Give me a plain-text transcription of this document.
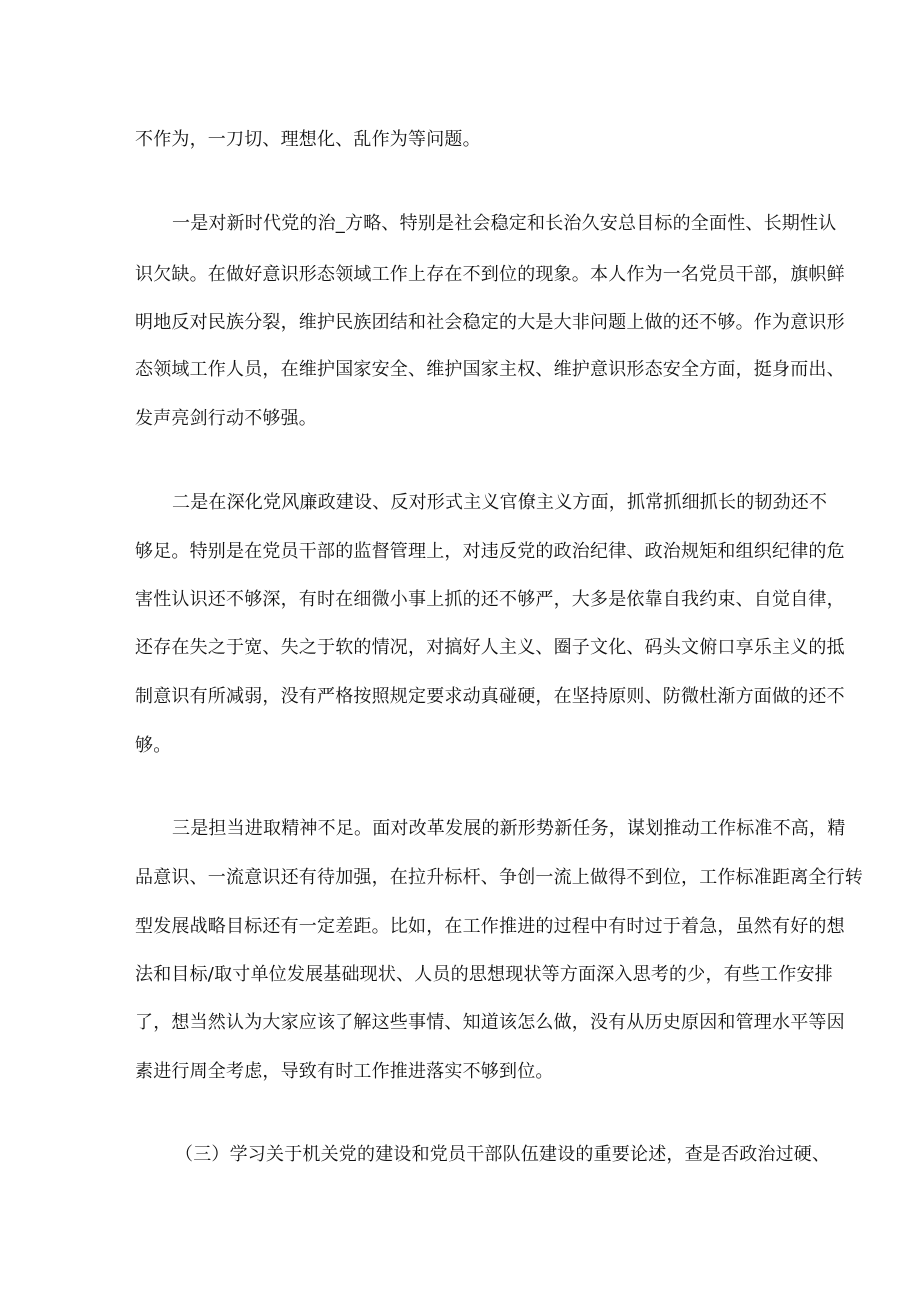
不作为，一刀切、理想化、乱作为等问题。
一是对新时代党的治_方略、特别是社会稳定和长治久安总目标的全面性、长期性认
识欠缺。在做好意识形态领域工作上存在不到位的现象。本人作为一名党员干部，旗帜鲜
明地反对民族分裂，维护民族团结和社会稳定的大是大非问题上做的还不够。作为意识形
态领域工作人员，在维护国家安全、维护国家主权、维护意识形态安全方面，挺身而出、
发声亮剑行动不够强。
二是在深化党风廉政建设、反对形式主义官僚主义方面，抓常抓细抓长的韧劲还不
够足。特别是在党员干部的监督管理上，对违反党的政治纪律、政治规矩和组织纪律的危
害性认识还不够深，有时在细微小事上抓的还不够严，大多是依靠自我约束、自觉自律，
还存在失之于宽、失之于软的情况，对搞好人主义、圈子文化、码头文俯口享乐主义的抵
制意识有所减弱，没有严格按照规定要求动真碰硬，在坚持原则、防微杜渐方面做的还不
够。
三是担当进取精神不足。面对改革发展的新形势新任务，谋划推动工作标准不高，精
品意识、一流意识还有待加强，在拉升标杆、争创一流上做得不到位，工作标准距离全行转
型发展战略目标还有一定差距。比如，在工作推进的过程中有时过于着急，虽然有好的想
法和目标/取寸单位发展基础现状、人员的思想现状等方面深入思考的少，有些工作安排
了，想当然认为大家应该了解这些事情、知道该怎么做，没有从历史原因和管理水平等因
素进行周全考虑，导致有时工作推进落实不够到位。
（三）学习关于机关党的建设和党员干部队伍建设的重要论述，查是否政治过硬、
